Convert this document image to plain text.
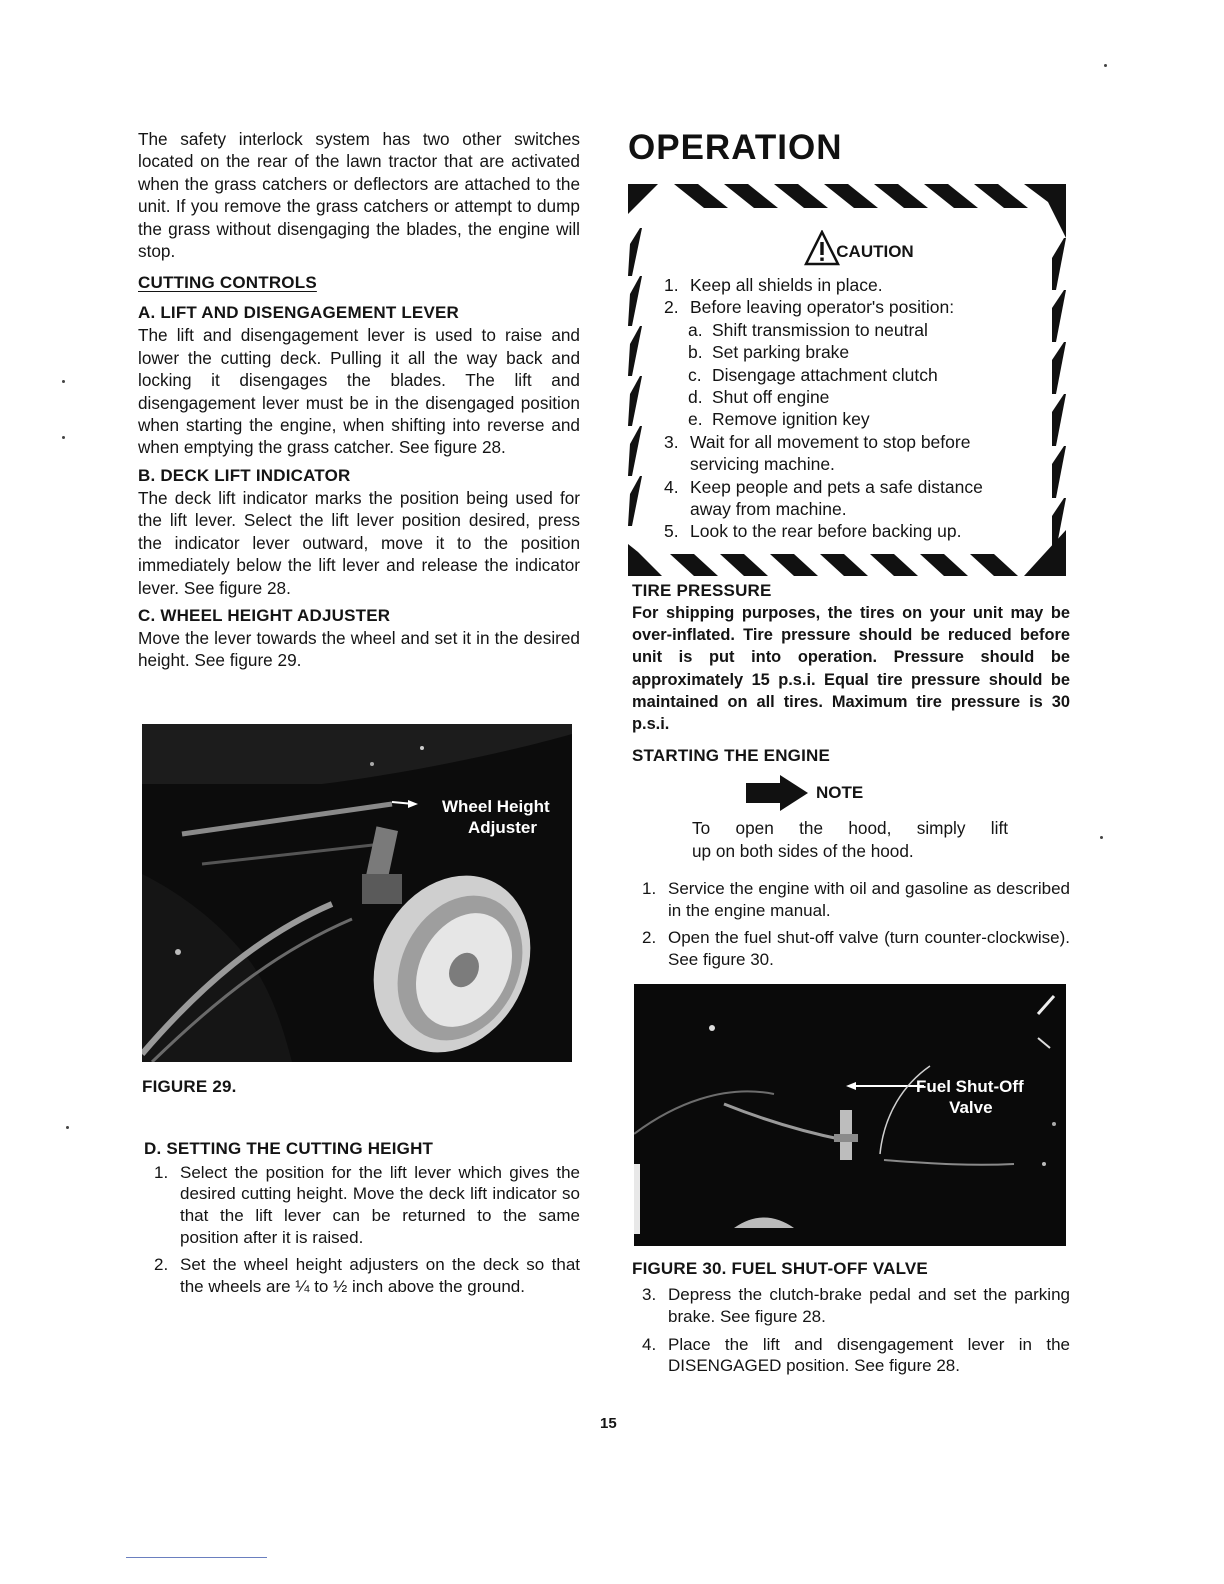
The safety interlock system has two other switches located on the rear of the lawn tractor that are activated when the grass catchers or deflectors are attached to the unit. If you remove the grass catchers or attempt to dump the grass without disengaging the blades, the engine will stop.

CUTTING CONTROLS
A. LIFT AND DISENGAGEMENT LEVER

The lift and disengagement lever is used to raise and lower the cutting deck. Pulling it all the way back and locking it disengages the blades. The lift and disengagement lever must be in the disengaged position when starting the engine, when shifting into reverse and when emptying the grass catcher. See figure 28.

B. DECK LIFT INDICATOR

The deck lift indicator marks the position being used for the lift lever. Select the lift lever position desired, press the indicator lever outward, move it to the position immediately below the lift lever and release the indicator lever. See figure 28.

C. WHEEL HEIGHT ADJUSTER

Move the lever towards the wheel and set it in the desired height. See figure 29.

Wheel Height
Adjuster
FIGURE 29.
D. SETTING THE CUTTING HEIGHT
1. Select the position for the lift lever which gives the desired cutting height. Move the deck lift indicator so that the lift lever can be returned to the same position after it is raised.
2. Set the wheel height adjusters on the deck so that the wheels are ¼ to ½ inch above the ground.
OPERATION
CAUTION
1. Keep all shields in place.
2. Before leaving operator's position:
a. Shift transmission to neutral
b. Set parking brake
c. Disengage attachment clutch
d. Shut off engine
e. Remove ignition key
3. Wait for all movement to stop before servicing machine.
4. Keep people and pets a safe distance away from machine.
5. Look to the rear before backing up.
TIRE PRESSURE

For shipping purposes, the tires on your unit may be over-inflated. Tire pressure should be reduced before unit is put into operation. Pressure should be approximately 15 p.s.i. Equal tire pressure should be maintained on all tires. Maximum tire pressure is 30 p.s.i.

STARTING THE ENGINE
NOTE
To open the hood, simply lift
up on both sides of the hood.
1. Service the engine with oil and gasoline as described in the engine manual.
2. Open the fuel shut-off valve (turn counter-clockwise). See figure 30.
Fuel Shut-Off
Valve
FIGURE 30. FUEL SHUT-OFF VALVE
3. Depress the clutch-brake pedal and set the parking brake. See figure 28.
4. Place the lift and disengagement lever in the DISENGAGED position. See figure 28.
15
